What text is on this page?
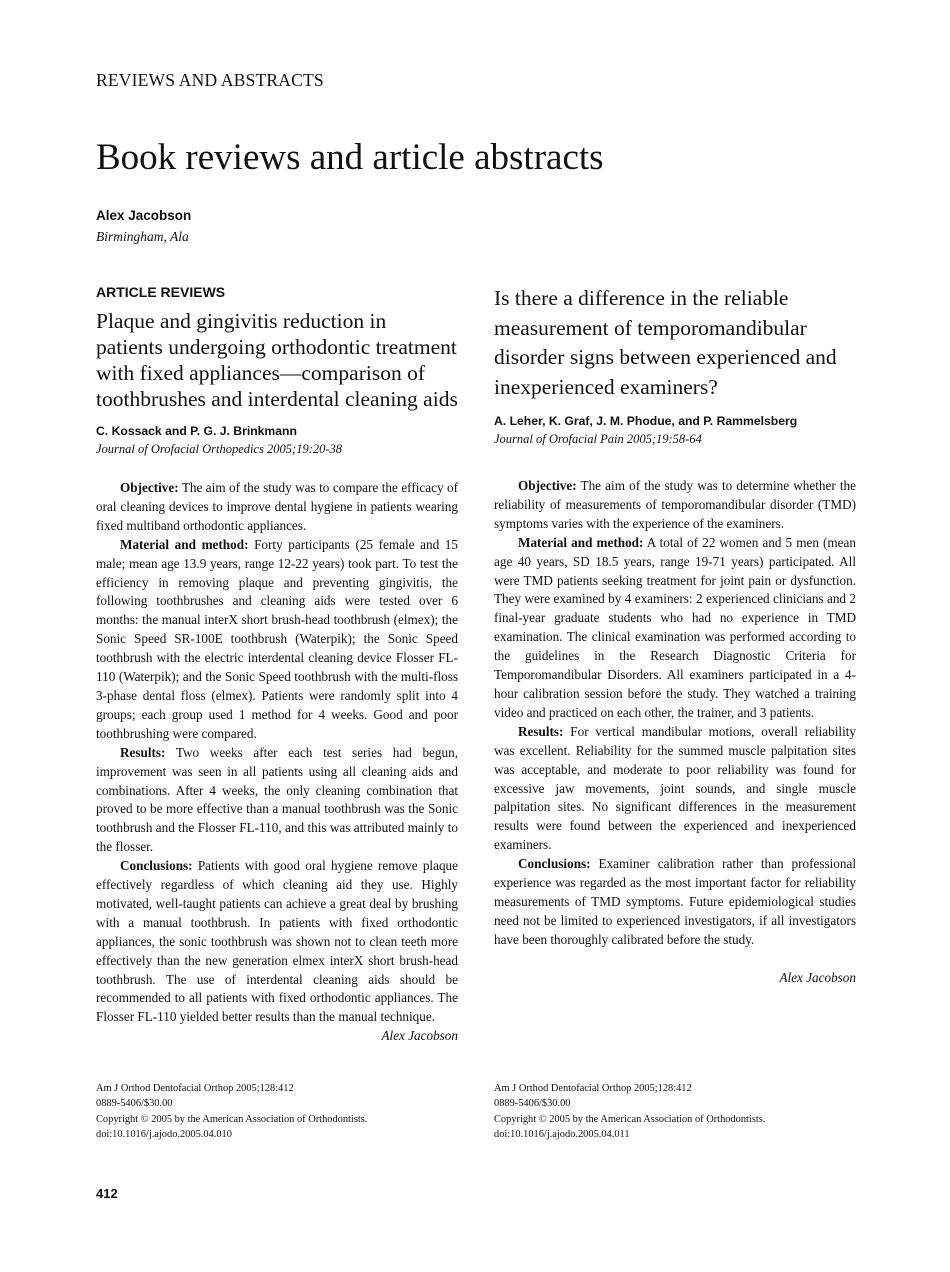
REVIEWS AND ABSTRACTS
Book reviews and article abstracts
Alex Jacobson
Birmingham, Ala
ARTICLE REVIEWS
Plaque and gingivitis reduction in patients undergoing orthodontic treatment with fixed appliances—comparison of toothbrushes and interdental cleaning aids
C. Kossack and P. G. J. Brinkmann
Journal of Orofacial Orthopedics 2005;19:20-38

Objective: The aim of the study was to compare the efficacy of oral cleaning devices to improve dental hygiene in patients wearing fixed multiband orthodontic appliances.

Material and method: Forty participants (25 female and 15 male; mean age 13.9 years, range 12-22 years) took part. To test the efficiency in removing plaque and preventing gingivitis, the following toothbrushes and cleaning aids were tested over 6 months: the manual interX short brush-head toothbrush (elmex); the Sonic Speed SR-100E toothbrush (Waterpik); the Sonic Speed toothbrush with the electric interdental cleaning device Flosser FL-110 (Waterpik); and the Sonic Speed toothbrush with the multi-floss 3-phase dental floss (elmex). Patients were randomly split into 4 groups; each group used 1 method for 4 weeks. Good and poor toothbrushing were compared.

Results: Two weeks after each test series had begun, improvement was seen in all patients using all cleaning aids and combinations. After 4 weeks, the only cleaning combination that proved to be more effective than a manual toothbrush was the Sonic toothbrush and the Flosser FL-110, and this was attributed mainly to the flosser.

Conclusions: Patients with good oral hygiene remove plaque effectively regardless of which cleaning aid they use. Highly motivated, well-taught patients can achieve a great deal by brushing with a manual toothbrush. In patients with fixed orthodontic appliances, the sonic toothbrush was shown not to clean teeth more effectively than the new generation elmex interX short brush-head toothbrush. The use of interdental cleaning aids should be recommended to all patients with fixed orthodontic appliances. The Flosser FL-110 yielded better results than the manual technique.

Alex Jacobson
Is there a difference in the reliable measurement of temporomandibular disorder signs between experienced and inexperienced examiners?
A. Leher, K. Graf, J. M. Phodue, and P. Rammelsberg
Journal of Orofacial Pain 2005;19:58-64

Objective: The aim of the study was to determine whether the reliability of measurements of temporomandibular disorder (TMD) symptoms varies with the experience of the examiners.

Material and method: A total of 22 women and 5 men (mean age 40 years, SD 18.5 years, range 19-71 years) participated. All were TMD patients seeking treatment for joint pain or dysfunction. They were examined by 4 examiners: 2 experienced clinicians and 2 final-year graduate students who had no experience in TMD examination. The clinical examination was performed according to the guidelines in the Research Diagnostic Criteria for Temporomandibular Disorders. All examiners participated in a 4-hour calibration session before the study. They watched a training video and practiced on each other, the trainer, and 3 patients.

Results: For vertical mandibular motions, overall reliability was excellent. Reliability for the summed muscle palpitation sites was acceptable, and moderate to poor reliability was found for excessive jaw movements, joint sounds, and single muscle palpitation sites. No significant differences in the measurement results were found between the experienced and inexperienced examiners.

Conclusions: Examiner calibration rather than professional experience was regarded as the most important factor for reliability measurements of TMD symptoms. Future epidemiological studies need not be limited to experienced investigators, if all investigators have been thoroughly calibrated before the study.

Alex Jacobson
Am J Orthod Dentofacial Orthop 2005;128:412
0889-5406/$30.00
Copyright © 2005 by the American Association of Orthodontists.
doi:10.1016/j.ajodo.2005.04.010
Am J Orthod Dentofacial Orthop 2005;128:412
0889-5406/$30.00
Copyright © 2005 by the American Association of Orthodontists.
doi:10.1016/j.ajodo.2005.04.011
412
